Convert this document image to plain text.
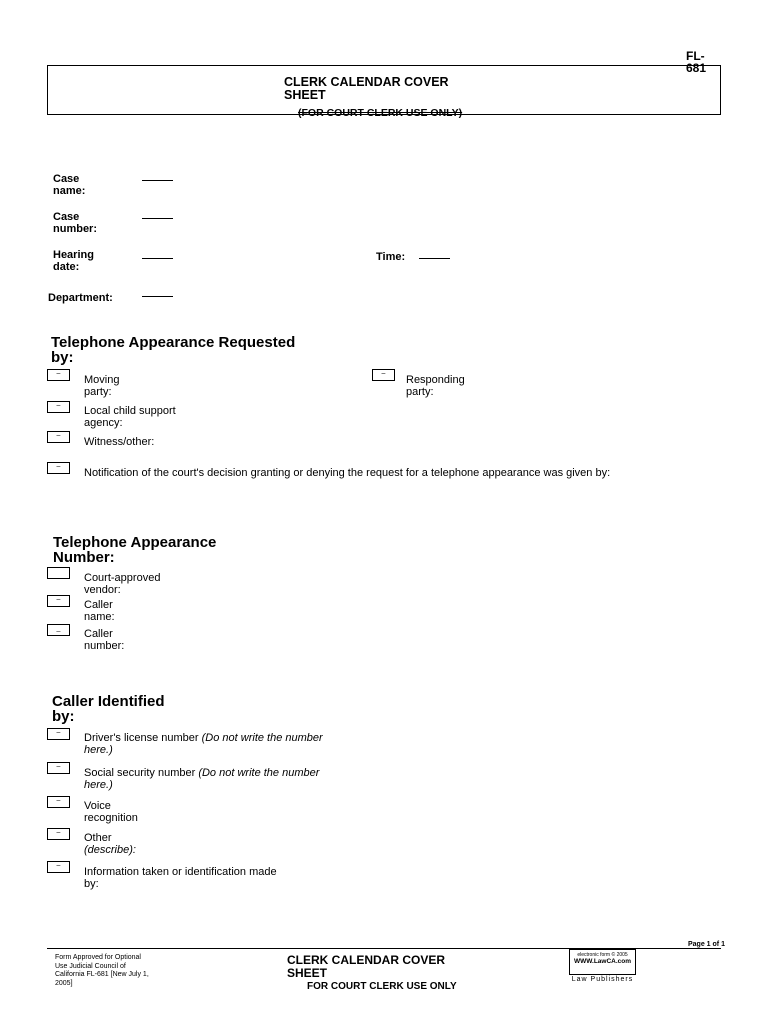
FL-681
CLERK CALENDAR COVER SHEET
(FOR COURT CLERK USE ONLY)
Case name:
Case number:
Hearing date:
Time:
Department:
Telephone Appearance Requested by:
–
Moving party:
–
Responding party:
–	Local child support agency:
–
Witness/other:
–
Notification of the court's decision granting or denying the request for a telephone appearance was given by:
Telephone Appearance Number:
Court-approved vendor:
–	Caller name:
_	Caller number:
Caller Identified by:
–	Driver's license number (Do not write the number here.)
–
Social security number (Do not write the number here.)
–	Voice recognition
–	Other (describe):
–
Information taken or identification made by:
Form Approved for Optional Use Judicial Council of California FL-681 [New July 1, 2005]
CLERK CALENDAR COVER SHEET
FOR COURT CLERK USE ONLY
electronic form © 2005
WWW.LawCA.com
Law Publishers
Page 1 of 1
